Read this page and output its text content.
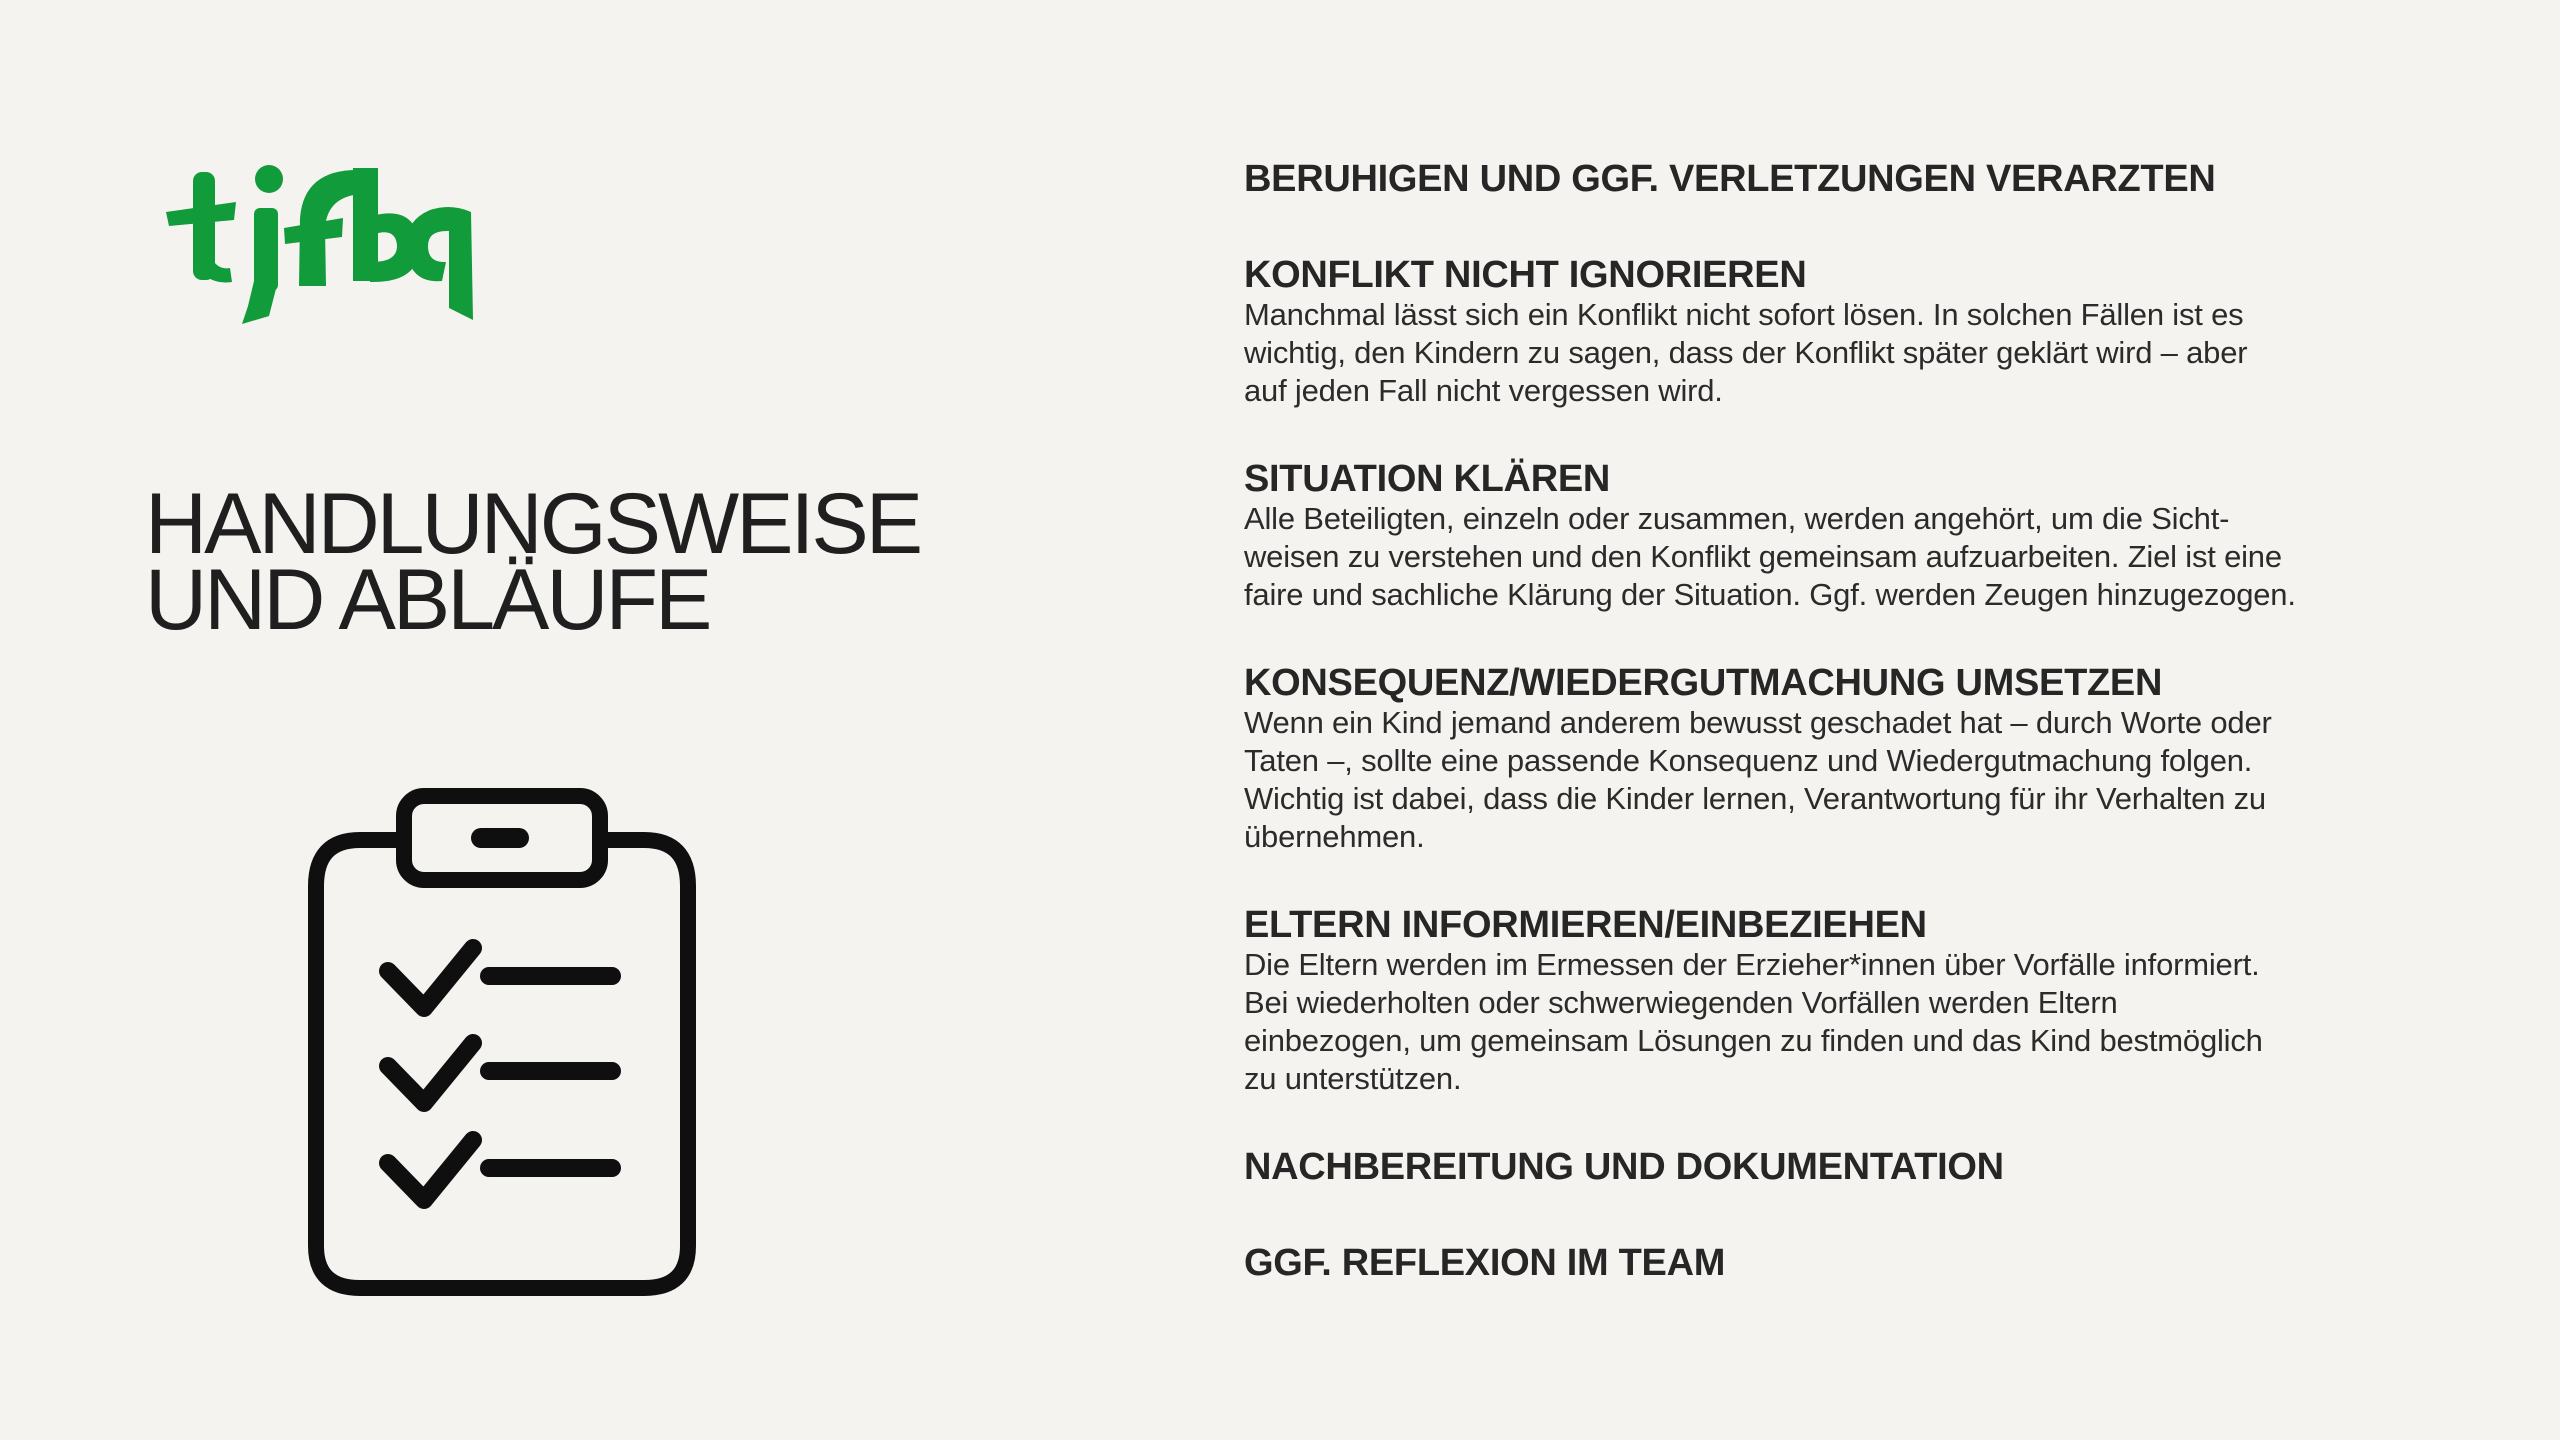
HANDLUNGSWEISE
UND ABLÄUFE
BERUHIGEN UND GGF. VERLETZUNGEN VERARZTEN
KONFLIKT NICHT IGNORIEREN

Manchmal lässt sich ein Konflikt nicht sofort lösen. In solchen Fällen ist es
wichtig, den Kindern zu sagen, dass der Konflikt später geklärt wird – aber
auf jeden Fall nicht vergessen wird.

SITUATION KLÄREN

Alle Beteiligten, einzeln oder zusammen, werden angehört, um die Sicht-
weisen zu verstehen und den Konflikt gemeinsam aufzuarbeiten. Ziel ist eine
faire und sachliche Klärung der Situation. Ggf. werden Zeugen hinzugezogen.

KONSEQUENZ/WIEDERGUTMACHUNG UMSETZEN

Wenn ein Kind jemand anderem bewusst geschadet hat – durch Worte oder
Taten –, sollte eine passende Konsequenz und Wiedergutmachung folgen.
Wichtig ist dabei, dass die Kinder lernen, Verantwortung für ihr Verhalten zu
übernehmen.

ELTERN INFORMIEREN/EINBEZIEHEN

Die Eltern werden im Ermessen der Erzieher*innen über Vorfälle informiert.
Bei wiederholten oder schwerwiegenden Vorfällen werden Eltern
einbezogen, um gemeinsam Lösungen zu finden und das Kind bestmöglich
zu unterstützen.

NACHBEREITUNG UND DOKUMENTATION
GGF. REFLEXION IM TEAM
